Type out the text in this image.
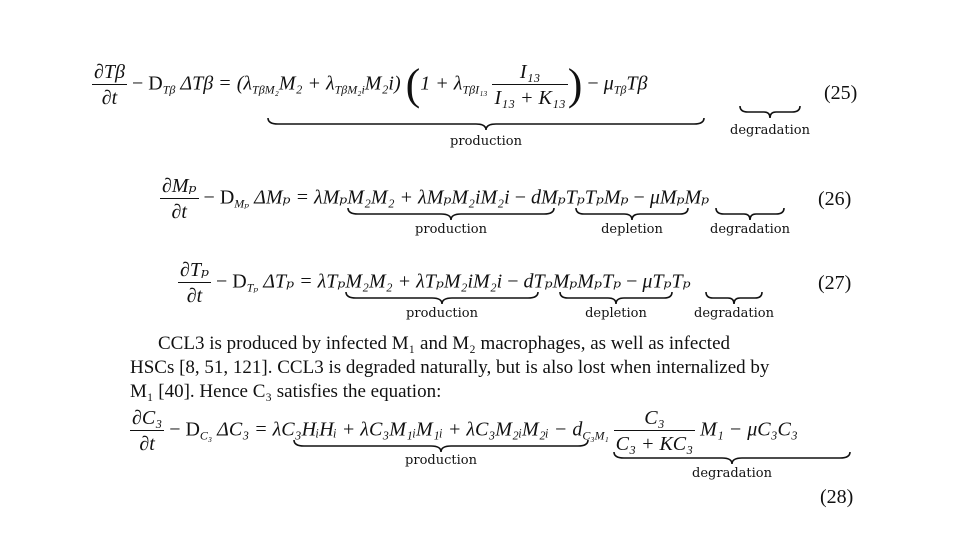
$\frac{\partial T\beta}{\partial t} - D_{T\beta}$ $\Delta T\beta = (\lambda_{T\beta M_2}M_2 + \lambda_{T\beta M_2i}M_2i) (1 + \lambda_{T\beta I_{13}} \frac{\text{I₁₃}}{\text{I₁₃ + K₁₃}}$ ) − $\mu_{T\beta}T\beta$
production
degradation
(25)
$\frac{\text{∂Mₚ}}{\partial t} - D_{M_p}$ ΔMₚ = λMₚM₂M₂ + λMₚM₂iM₂i − dMₚTₚTₚMₚ − μMₚMₚ
production	depletion	degradation
(26)
$\frac{\text{∂Tₚ}}{\partial t} - D_{T_p}$ ΔTₚ = λTₚM₂M₂ + λTₚM₂iM₂i − dTₚMₚMₚTₚ − μTₚTₚ
production	depletion	degradation
(27)
CCL3 is produced by infected M₁ and M₂ macrophages, as well as infected
HSCs [8, 51, 121]. CCL3 is degraded naturally, but is also lost when internalized by
M₁ [40]. Hence C₃ satisfies the equation:
$\frac{\text{∂C₃}}{\partial t} - D_{C_3}$ ΔC₃ = λC₃HᵢHᵢ + λC₃M₁ᵢM₁ᵢ + λC₃M₂ᵢM₂ᵢ − $d_{C_3M_1} \frac{\text{C₃}}{\text{C₃ + KC₃}} M_1 - \mu C_3C_3$
production
degradation
(28)
